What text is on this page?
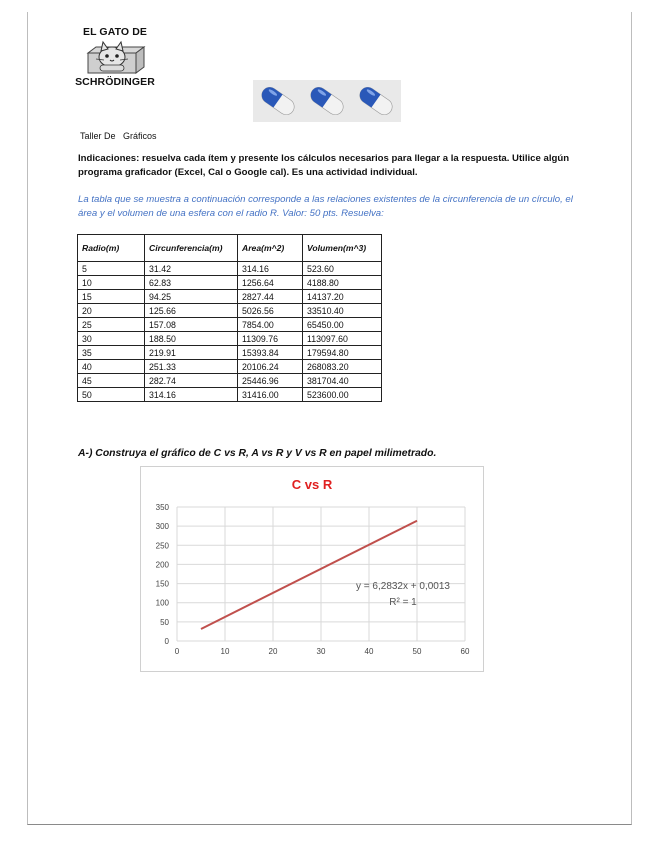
EL GATO DE
SCHRÖDINGER
Taller De   Gráficos
Indicaciones: resuelva cada ítem y presente los cálculos necesarios para llegar a la respuesta. Utilice algún programa graficador (Excel, Cal o Google cal). Es una actividad individual.
La tabla que se muestra a continuación corresponde a las relaciones existentes de la circunferencia de un círculo, el área y el volumen de una esfera con el radio R. Valor: 50 pts. Resuelva:
Radio(m)	Circunferencia(m)	Area(m^2)	Volumen(m^3)
5	31.42	314.16	523.60
10	62.83	1256.64	4188.80
15	94.25	2827.44	14137.20
20	125.66	5026.56	33510.40
25	157.08	7854.00	65450.00
30	188.50	11309.76	113097.60
35	219.91	15393.84	179594.80
40	251.33	20106.24	268083.20
45	282.74	25446.96	381704.40
50	314.16	31416.00	523600.00
A-) Construya el gráfico de C vs R, A vs R y V vs R en papel milimetrado.
C vs R
0
50
100
150
200
250
300
350
0	10	20	30	40	50	60
y = 6,2832x + 0,0013
R² = 1
